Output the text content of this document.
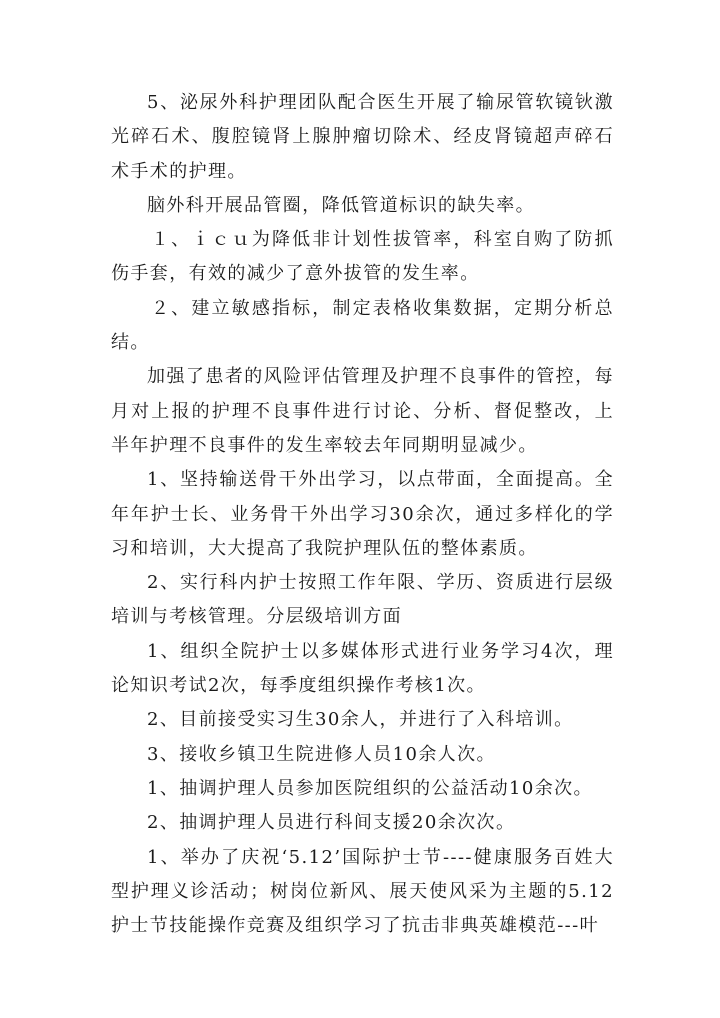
5、泌尿外科护理团队配合医生开展了输尿管软镜钬激光碎石术、腹腔镜肾上腺肿瘤切除术、经皮肾镜超声碎石术手术的护理。

脑外科开展品管圈，降低管道标识的缺失率。

１、ｉｃｕ为降低非计划性拔管率，科室自购了防抓伤手套，有效的减少了意外拔管的发生率。

２、建立敏感指标，制定表格收集数据，定期分析总结。

加强了患者的风险评估管理及护理不良事件的管控，每月对上报的护理不良事件进行讨论、分析、督促整改，上半年护理不良事件的发生率较去年同期明显减少。

1、坚持输送骨干外出学习，以点带面，全面提高。全年年护士长、业务骨干外出学习30余次，通过多样化的学习和培训，大大提高了我院护理队伍的整体素质。

2、实行科内护士按照工作年限、学历、资质进行层级培训与考核管理。分层级培训方面

1、组织全院护士以多媒体形式进行业务学习4次，理论知识考试2次，每季度组织操作考核1次。

2、目前接受实习生30余人，并进行了入科培训。

3、接收乡镇卫生院进修人员10余人次。

1、抽调护理人员参加医院组织的公益活动10余次。

2、抽调护理人员进行科间支援20余次次。

1、举办了庆祝‘5.12’国际护士节----健康服务百姓大型护理义诊活动；树岗位新风、展天使风采为主题的5.12护士节技能操作竞赛及组织学习了抗击非典英雄模范---叶
